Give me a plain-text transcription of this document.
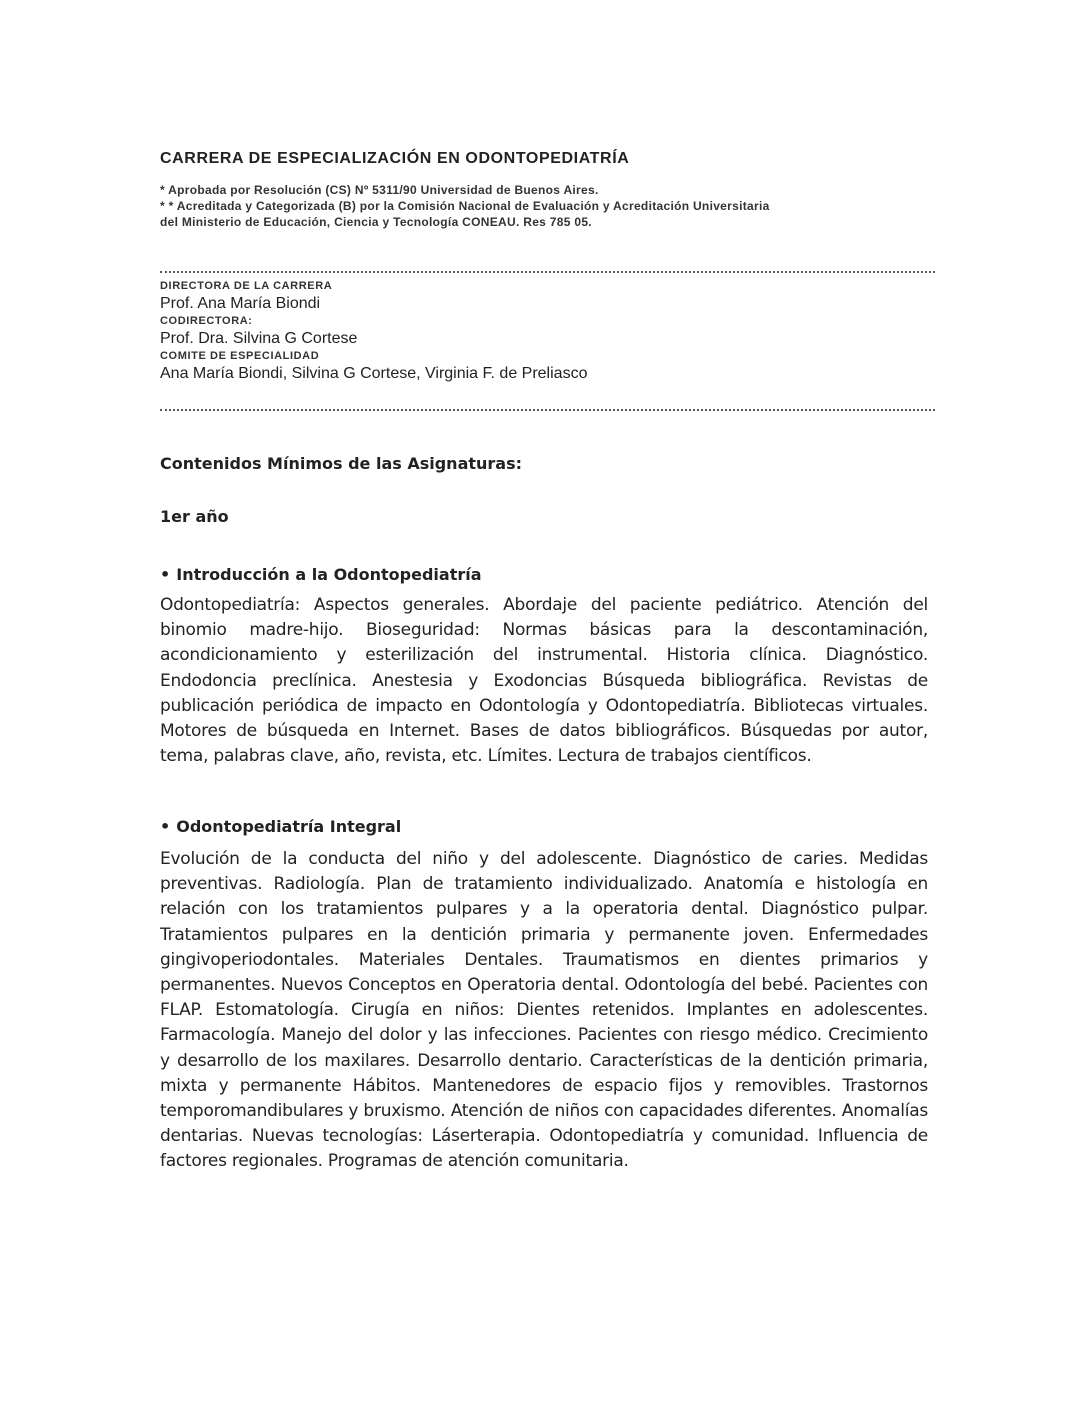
CARRERA DE ESPECIALIZACIÓN EN ODONTOPEDIATRÍA
* Aprobada por Resolución (CS) Nº 5311/90 Universidad de Buenos Aires.
* * Acreditada y Categorizada (B) por la Comisión Nacional de Evaluación y Acreditación Universitaria
del Ministerio de Educación, Ciencia y Tecnología CONEAU. Res 785 05.
DIRECTORA DE LA CARRERA
Prof. Ana María Biondi
CODIRECTORA:
Prof. Dra. Silvina G Cortese
COMITE DE ESPECIALIDAD
Ana María Biondi, Silvina G Cortese, Virginia F. de Preliasco
Contenidos Mínimos de las Asignaturas:
1er año
• Introducción a la Odontopediatría
Odontopediatría: Aspectos generales. Abordaje del paciente pediátrico. Atención del binomio madre-hijo. Bioseguridad: Normas básicas para la descontaminación, acondicionamiento y esterilización del instrumental. Historia clínica. Diagnóstico. Endodoncia preclínica. Anestesia y Exodoncias Búsqueda bibliográfica. Revistas de publicación periódica de impacto en Odontología y Odontopediatría. Bibliotecas virtuales. Motores de búsqueda en Internet. Bases de datos bibliográficos. Búsquedas por autor, tema, palabras clave, año, revista, etc. Límites. Lectura de trabajos científicos.
• Odontopediatría Integral
Evolución de la conducta del niño y del adolescente. Diagnóstico de caries. Medidas preventivas. Radiología. Plan de tratamiento individualizado. Anatomía e histología en relación con los tratamientos pulpares y a la operatoria dental. Diagnóstico pulpar. Tratamientos pulpares en la dentición primaria y permanente joven. Enfermedades gingivoperiodontales. Materiales Dentales. Traumatismos en dientes primarios y permanentes. Nuevos Conceptos en Operatoria dental. Odontología del bebé. Pacientes con FLAP. Estomatología. Cirugía en niños: Dientes retenidos. Implantes en adolescentes. Farmacología. Manejo del dolor y las infecciones. Pacientes con riesgo médico. Crecimiento y desarrollo de los maxilares. Desarrollo dentario. Características de la dentición primaria, mixta y permanente Hábitos. Mantenedores de espacio fijos y removibles. Trastornos temporomandibulares y bruxismo. Atención de niños con capacidades diferentes. Anomalías dentarias. Nuevas tecnologías: Láserterapia. Odontopediatría y comunidad. Influencia de factores regionales. Programas de atención comunitaria.
